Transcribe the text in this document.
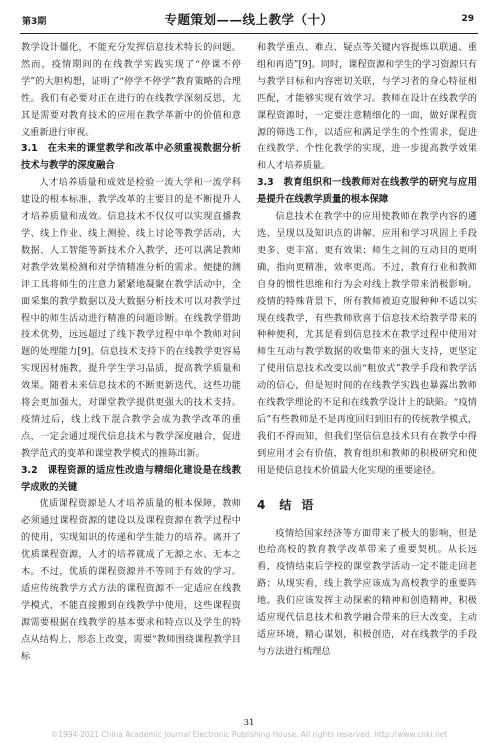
第3期	专题策划——线上教学（十）	29

教学设计僵化，不能充分发挥信息技术特长的问题。然而，疫情期间的在线教学实践实现了“停课不停学”的大胆构想，证明了“停学不停学”教育策略的合理性。我们有必要对正在进行的在线教学深刻反思，尤其是需要对教育技术的应用在教学革新中的价值和意义重新进行审视。

3.1　在未来的课堂教学和改革中必须重视数据分析技术与教学的深度融合

人才培养质量和成效是检验一流大学和一流学科建设的根本标准，教学改革的主要目的是不断提升人才培养质量和成效。信息技术不仅仅可以实现直播教学、线上作业、线上测验、线上讨论等教学活动，大数据、人工智能等新技术介入教学，还可以满足教师对教学效果检测和对学情精准分析的需求。便捷的测评工具将师生的注意力紧紧地凝聚在教学活动中，全面采集的教学数据以及大数据分析技术可以对教学过程中的师生活动进行精准的问题诊断。在线教学借助技术优势，远远超过了线下教学过程中单个教师对问题的处理能力[9]。信息技术支持下的在线教学更容易实现因材施教，提升学生学习品质，提高教学质量和效果。随着未来信息技术的不断更新迭代，这些功能将会更加强大，对课堂教学提供更强大的技术支持。疫情过后，线上线下混合教学会成为教学改革的重点，一定会通过现代信息技术与教学深度融合，促进教学范式的变革和课堂教学模式的推陈出新。

3.2　课程资源的适应性改造与精细化建设是在线教学成败的关键

优质课程资源是人才培养质量的根本保障，教师必须通过课程资源的建设以及课程资源在教学过程中的使用，实现知识的传递和学生能力的培养。离开了优质课程资源，人才的培养就成了无源之水、无本之木。不过，优质的课程资源并不等同于有效的学习。适应传统教学方式方法的课程资源不一定适应在线教学模式，不能直接搬到在线教学中使用，这些课程资源需要根据在线教学的基本要求和特点以及学生的特点从结构上、形态上改变，需要“教师围绕课程教学目标

和教学重点、难点、疑点等关键内容提炼以联通、重组和再造”[9]。同时，课程资源和学生的学习资源只有与教学目标和内容密切关联，与学习者的身心特征相匹配，才能够实现有效学习。教师在设计在线教学的课程资源时，一定要注意精细化的一面，做好课程资源的筛选工作，以适应和满足学生的个性需求，促进在线教学、个性化教学的实现，进一步提高教学效果和人才培养质量。

3.3　教育组织和一线教师对在线教学的研究与应用是提升在线教学质量的根本保障

信息技术在教学中的应用使教师在教学内容的遴选、呈现以及知识点的讲解、应用和学习巩固上手段更多、更丰富、更有效果；师生之间的互动目的更明确，指向更精准，效率更高。不过，教育行业和教师自身的惯性思维和行为会对线上教学带来消极影响。疫情的特殊背景下，所有教师被迫克服种种不适以实现在线教学，有些教师欣喜于信息技术给教学带来的种种便利，尤其是看到信息技术在教学过程中使用对师生互动与教学数据的收集带来的强大支持，更坚定了使用信息技术改变以前“粗放式”教学手段和教学活动的信心，但是短时间的在线教学实践也暴露出教师在线教学理论的不足和在线教学设计上的缺陷。“疫情后”有些教师是不是再度回归到旧有的传统教学模式，我们不得而知，但我们坚信信息技术只有在教学中得到应用才会有价值，教育组织和教师的积极研究和使用是使信息技术价值最大化实现的重要途径。

4 结语

疫情给国家经济等方面带来了极大的影响，但是也给高校的教育教学改革带来了重要契机。从长远看，疫情结束后学校的课堂教学活动一定不能走回老路；从现实看，线上教学应该成为高校教学的重要阵地。我们应该发挥主动探索的精神和创造精神，积极适应现代信息技术和教学融合带来的巨大改变，主动适应环境，精心谋划，积极创造，对在线教学的手段与方法进行梳理总

31
©1994-2021 China Academic Journal Electronic Publishing House. All rights reserved. http://www.cnki.net
